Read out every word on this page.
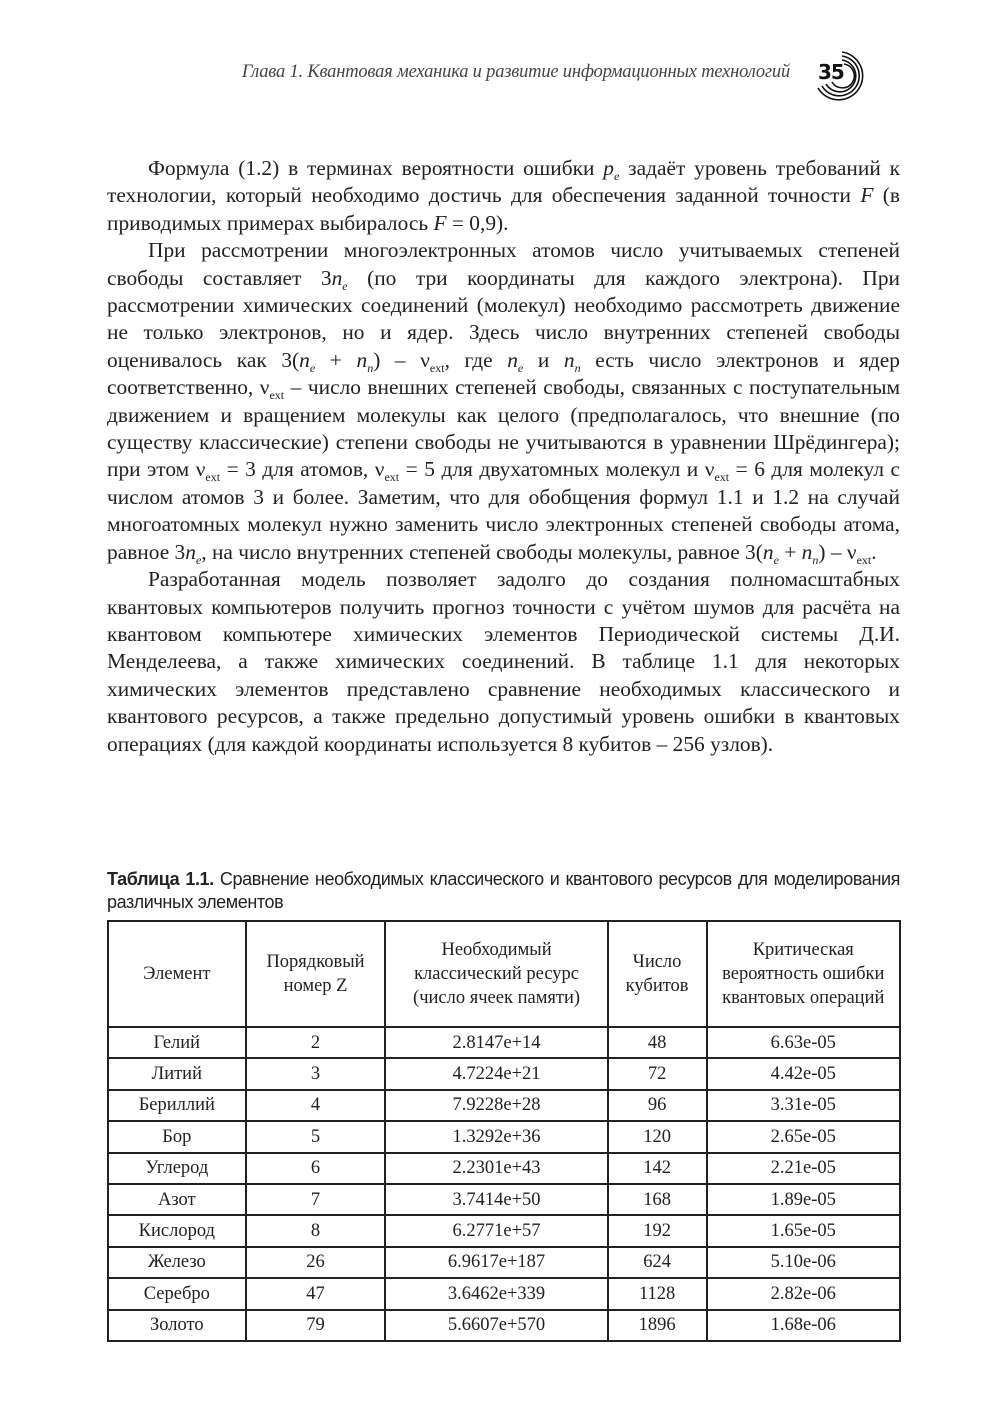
Глава 1. Квантовая механика и развитие информационных технологий 35

Формула (1.2) в терминах вероятности ошибки $p_e$ задаёт уровень требований к технологии, который необходимо достичь для обеспечения заданной точности F (в приводимых примерах выбиралось F = 0,9).

При рассмотрении многоэлектронных атомов число учитываемых степеней свободы составляет $3n_e$ (по три координаты для каждого электрона). При рассмотрении химических соединений (молекул) необходимо рассмотреть движение не только электронов, но и ядер. Здесь число внутренних степеней свободы оценивалось как $3(n_e + n_n) - \nu_{ext}$, где $n_e$ и $n_n$ есть число электронов и ядер соответственно, $\nu_{ext}$ – число внешних степеней свободы, связанных с поступательным движением и вращением молекулы как целого (предполагалось, что внешние (по существу классические) степени свободы не учитываются в уравнении Шрёдингера); при этом $\nu_{ext} = 3$ для атомов, $\nu_{ext} = 5$ для двухатомных молекул и $\nu_{ext} = 6$ для молекул с числом атомов 3 и более. Заметим, что для обобщения формул 1.1 и 1.2 на случай многоатомных молекул нужно заменить число электронных степеней свободы атома, равное $3n_e$, на число внутренних степеней свободы молекулы, равное $3(n_e + n_n) - \nu_{ext}$.

Разработанная модель позволяет задолго до создания полномасштабных квантовых компьютеров получить прогноз точности с учётом шумов для расчёта на квантовом компьютере химических элементов Периодической системы Д.И. Менделеева, а также химических соединений. В таблице 1.1 для некоторых химических элементов представлено сравнение необходимых классического и квантового ресурсов, а также предельно допустимый уровень ошибки в квантовых операциях (для каждой координаты используется 8 кубитов – 256 узлов).

Таблица 1.1. Сравнение необходимых классического и квантового ресурсов для моделирования различных элементов
Элемент	Порядковый номер Z	Необходимый классический ресурс (число ячеек памяти)	Число кубитов	Критическая вероятность ошибки квантовых операций
Гелий	2	2.8147e+14	48	6.63e-05
Литий	3	4.7224e+21	72	4.42e-05
Бериллий	4	7.9228e+28	96	3.31e-05
Бор	5	1.3292e+36	120	2.65e-05
Углерод	6	2.2301e+43	142	2.21e-05
Азот	7	3.7414e+50	168	1.89e-05
Кислород	8	6.2771e+57	192	1.65e-05
Железо	26	6.9617e+187	624	5.10e-06
Серебро	47	3.6462e+339	1128	2.82e-06
Золото	79	5.6607e+570	1896	1.68e-06
